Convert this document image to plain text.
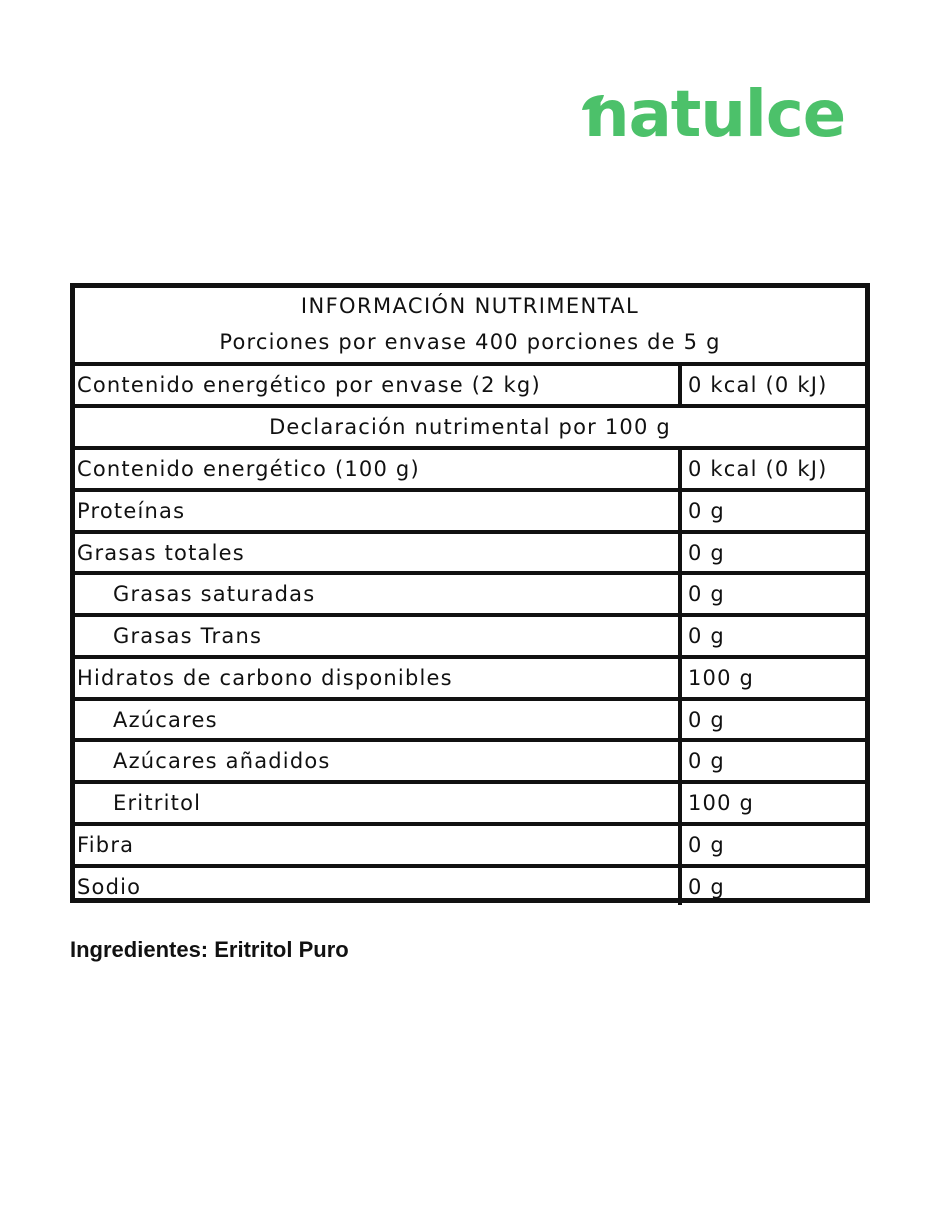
natulce
INFORMACIÓN NUTRIMENTAL
Porciones por envase 400 porciones de 5 g
Contenido energético por envase (2 kg)	0 kcal (0 kJ)
Declaración nutrimental por 100 g
Contenido energético (100 g)	0 kcal (0 kJ)
Proteínas	0 g
Grasas totales	0 g
Grasas saturadas	0 g
Grasas Trans	0 g
Hidratos de carbono disponibles	100 g
Azúcares	0 g
Azúcares añadidos	0 g
Eritritol	100 g
Fibra	0 g
Sodio	0 g
Ingredientes: Eritritol Puro
